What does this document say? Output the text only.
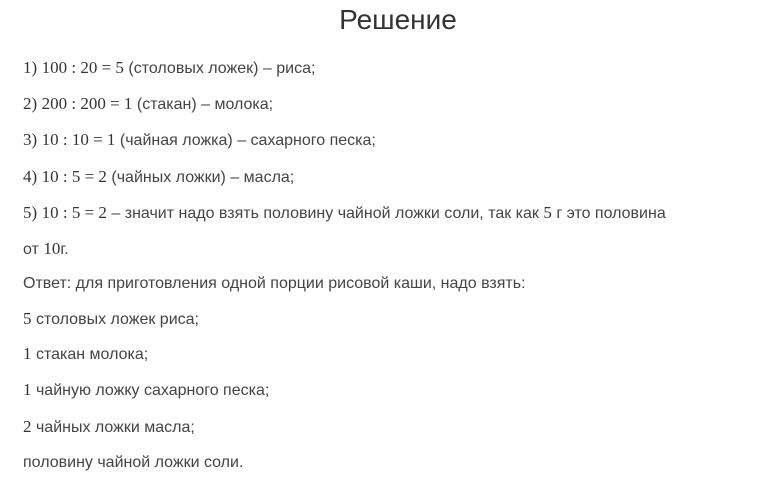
Решение
1) 100 : 20 = 5 (столовых ложек) – риса;
2) 200 : 200 = 1 (стакан) – молока;
3) 10 : 10 = 1 (чайная ложка) – сахарного песка;
4) 10 : 5 = 2 (чайных ложки) – масла;
5) 10 : 5 = 2 – значит надо взять половину чайной ложки соли, так как 5 г это половина
от 10г.
Ответ: для приготовления одной порции рисовой каши, надо взять:
5 столовых ложек риса;
1 стакан молока;
1 чайную ложку сахарного песка;
2 чайных ложки масла;
половину чайной ложки соли.
